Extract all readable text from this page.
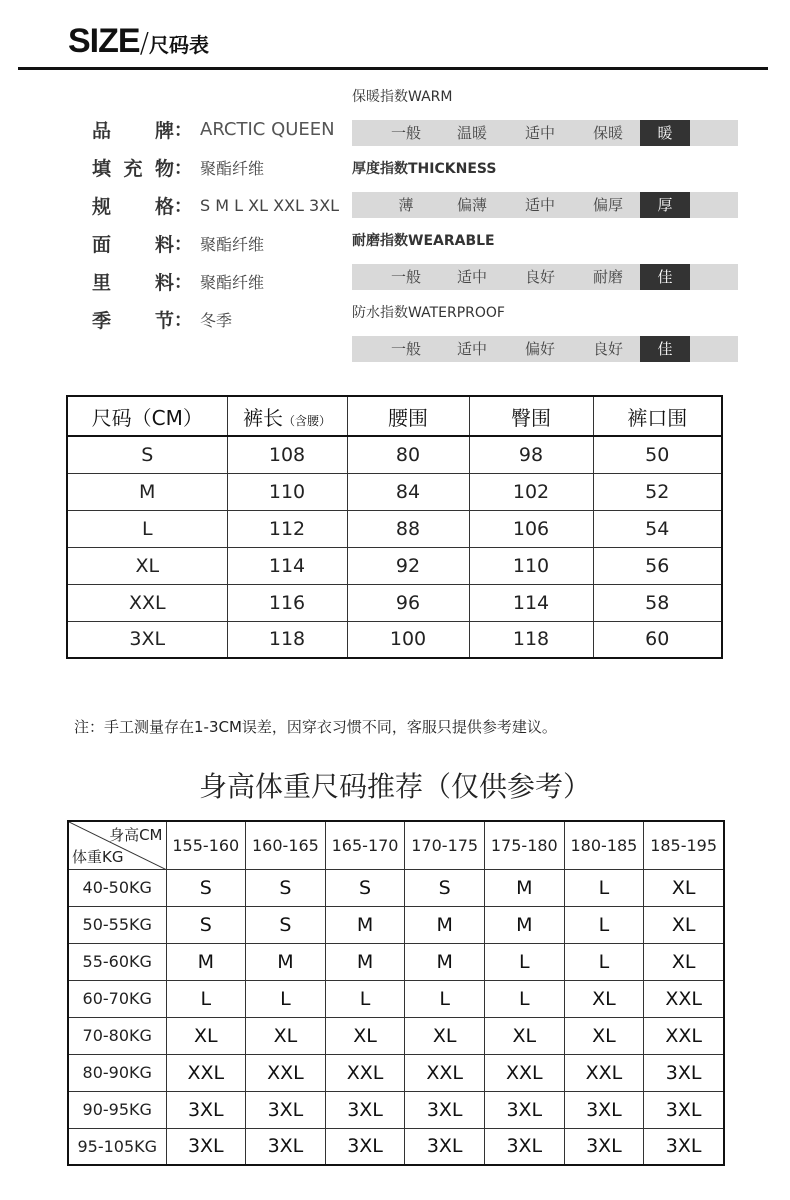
SIZE/尺码表
品 牌 ： ARCTIC QUEEN
填 充 物 ： 聚酯纤维
规 格 ： S M L XL XXL 3XL
面 料 ： 聚酯纤维
里 料 ： 聚酯纤维
季 节 ： 冬季
保暖指数WARM
一般	温暖	适中	保暖	暖
厚度指数THICKNESS
薄	偏薄	适中	偏厚	厚
耐磨指数WEARABLE
一般	适中	良好	耐磨	佳
防水指数WATERPROOF
一般	适中	偏好	良好	佳
尺码（CM）	裤长（含腰）	腰围	臀围	裤口围
S	108	80	98	50
M	110	84	102	52
L	112	88	106	54
XL	114	92	110	56
XXL	116	96	114	58
3XL	118	100	118	60
注：手工测量存在1-3CM误差，因穿衣习惯不同，客服只提供参考建议。
身高体重尺码推荐（仅供参考）
身高CM
体重KG	155-160	160-165	165-170	170-175	175-180	180-185	185-195
40-50KG	S	S	S	S	M	L	XL
50-55KG	S	S	M	M	M	L	XL
55-60KG	M	M	M	M	L	L	XL
60-70KG	L	L	L	L	L	XL	XXL
70-80KG	XL	XL	XL	XL	XL	XL	XXL
80-90KG	XXL	XXL	XXL	XXL	XXL	XXL	3XL
90-95KG	3XL	3XL	3XL	3XL	3XL	3XL	3XL
95-105KG	3XL	3XL	3XL	3XL	3XL	3XL	3XL
